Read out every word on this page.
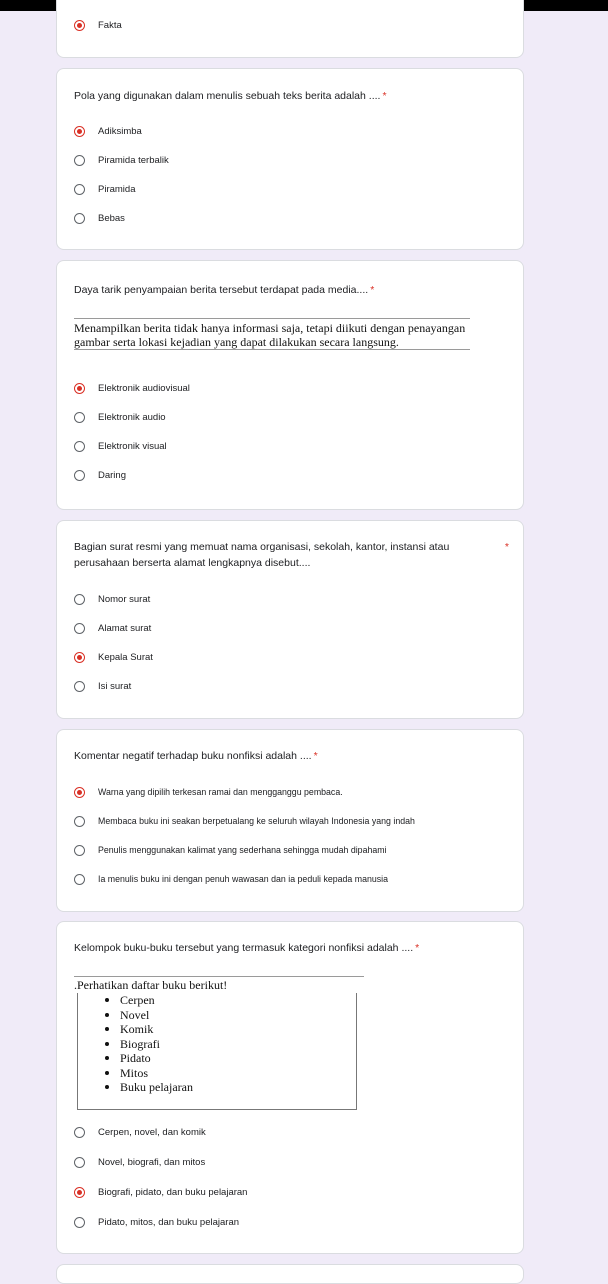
Fakta
Pola yang digunakan dalam menulis sebuah teks berita adalah .... *
Adiksimba
Piramida terbalik
Piramida
Bebas
Daya tarik penyampaian berita tersebut terdapat pada media.... *
Menampilkan berita tidak hanya informasi saja, tetapi diikuti dengan penayangan gambar serta lokasi kejadian yang dapat dilakukan secara langsung.
Elektronik audiovisual
Elektronik audio
Elektronik visual
Daring
Bagian surat resmi yang memuat nama organisasi, sekolah, kantor, instansi atau perusahaan berserta alamat lengkapnya disebut....
*
Nomor surat
Alamat surat
Kepala Surat
Isi surat
Komentar negatif terhadap buku nonfiksi adalah .... *
Warna yang dipilih terkesan ramai dan mengganggu pembaca.
Membaca buku ini seakan berpetualang ke seluruh wilayah Indonesia yang indah
Penulis menggunakan kalimat yang sederhana sehingga mudah dipahami
Ia menulis buku ini dengan penuh wawasan dan ia peduli kepada manusia
Kelompok buku-buku tersebut yang termasuk kategori nonfiksi adalah .... *
.Perhatikan daftar buku berikut!
Cerpen
Novel
Komik
Biografi
Pidato
Mitos
Buku pelajaran
Cerpen, novel, dan komik
Novel, biografi, dan mitos
Biografi, pidato, dan buku pelajaran
Pidato, mitos, dan buku pelajaran
